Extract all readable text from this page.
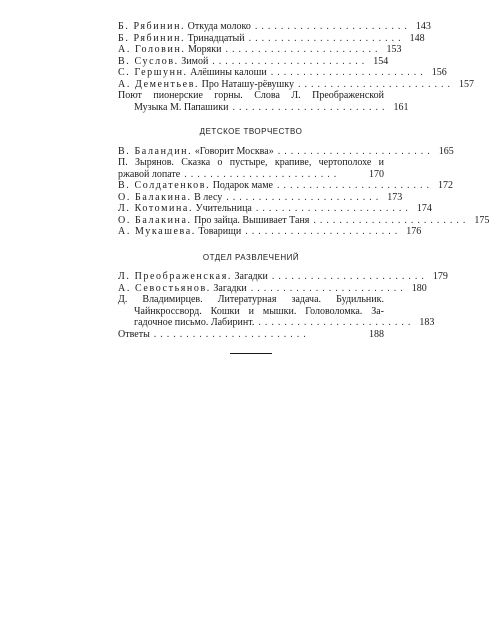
Б. Рябинин. Откуда молоко ........................ 143
Б. Рябинин. Тринадцатый ........................ 148
А. Головин. Моряки ........................ 153
В. Суслов. Зимой ........................ 154
С. Гершунн. Алёшины калоши ........................ 156
А. Дементьев. Про Наташу-рёвушку ........................ 157
Поют пионерские горны. Слова Л. Преображенской
Музыка М. Папашики ........................ 161
ДЕТСКОЕ ТВОРЧЕСТВО
В. Баландин. «Говорит Москва» ........................ 165
П. Зырянов. Сказка о пустыре, крапиве, чертополохе и
ржавой лопате ........................	170
В. Солдатенков. Подарок маме ........................ 172
О. Балакина. В лесу ........................ 173
Л. Котомина. Учительница ........................ 174
О. Балакина. Про зайца. Вышивает Таня ........................ 175
А. Мукашева. Товарищи ........................ 176
ОТДЕЛ РАЗВЛЕЧЕНИЙ
Л. Преображенская. Загадки ........................ 179
А. Севостьянов. Загадки ........................ 180
Д. Владимирцев. Литературная задача. Будильник.
Чайнкроссворд. Кошки и мышки. Головоломка. За-
гадочное письмо. Лабиринт. ........................ 183
Ответы ........................	188
